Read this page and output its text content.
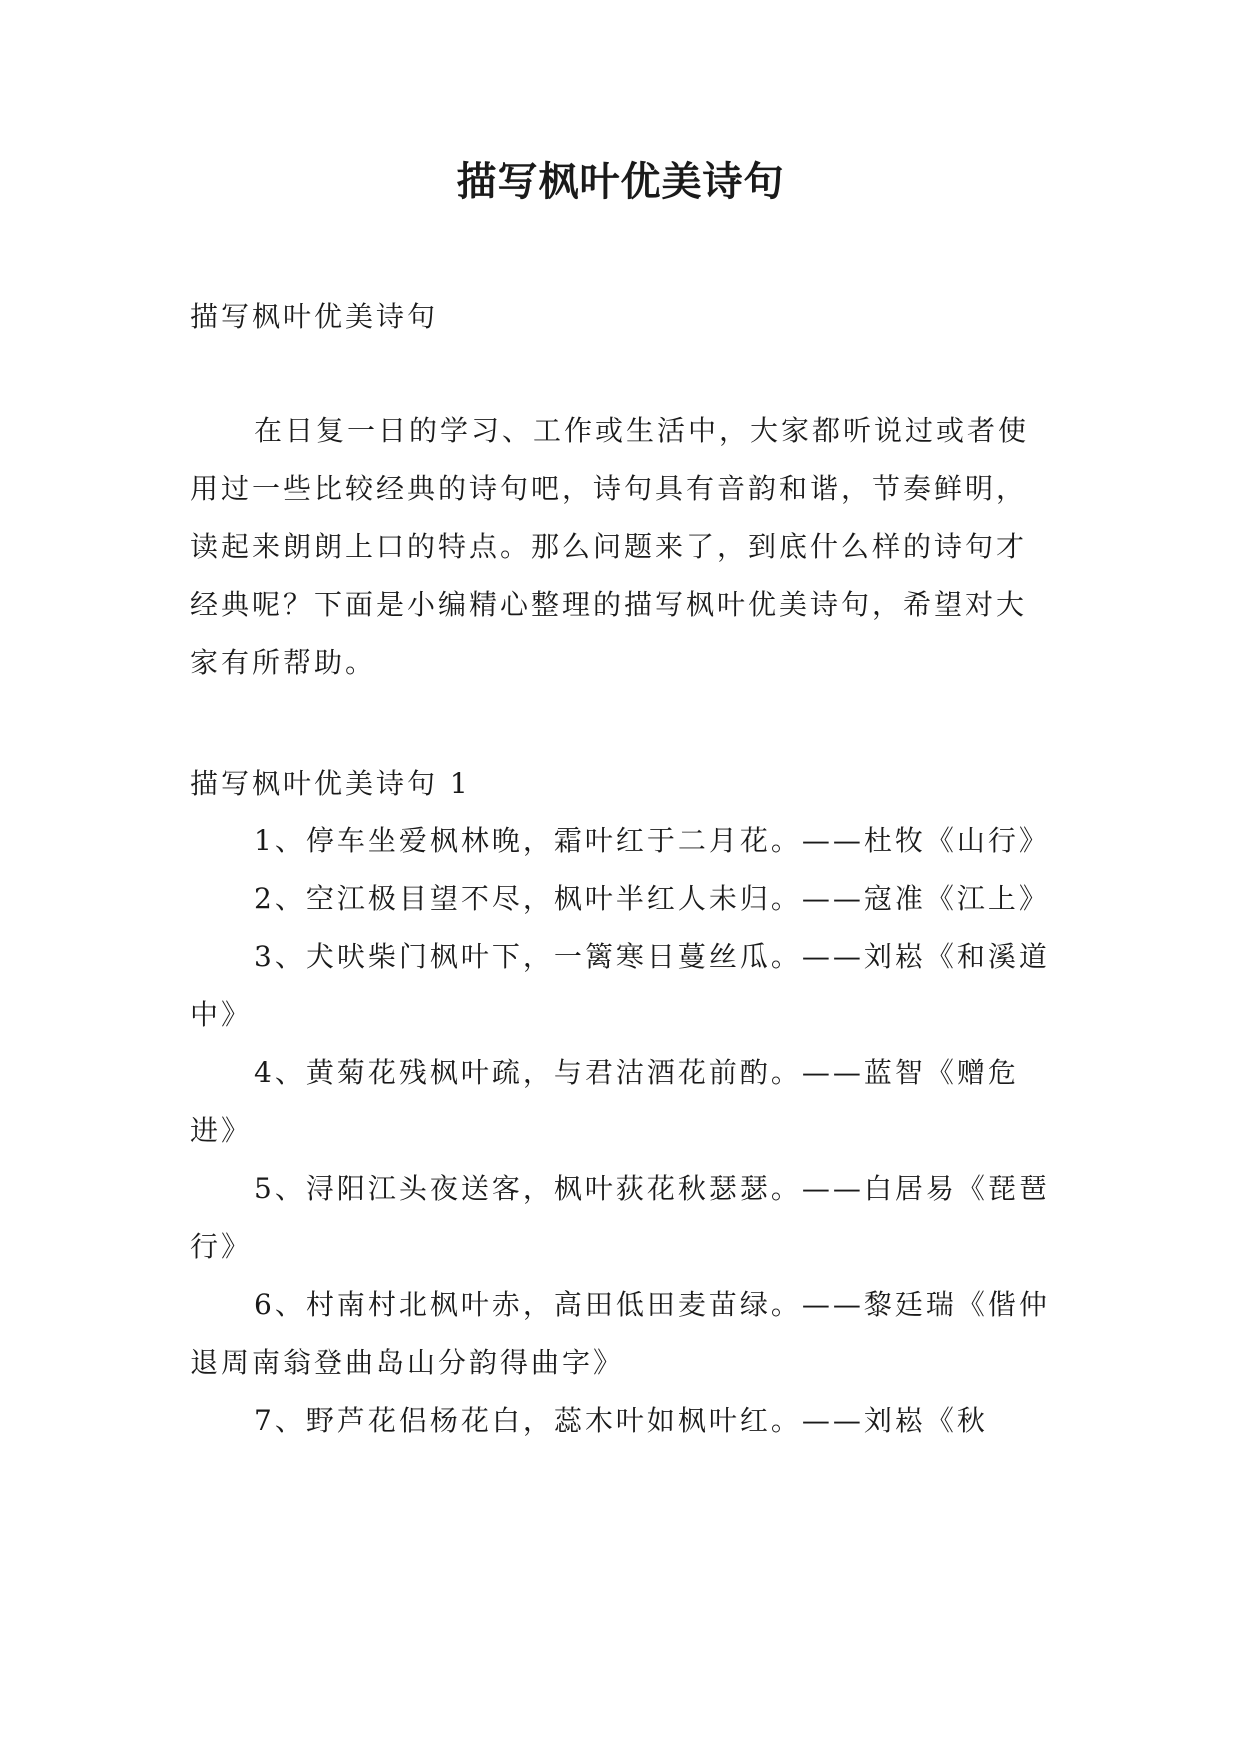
描写枫叶优美诗句
描写枫叶优美诗句
在日复一日的学习、工作或生活中，大家都听说过或者使用过一些比较经典的诗句吧，诗句具有音韵和谐，节奏鲜明，读起来朗朗上口的特点。那么问题来了，到底什么样的诗句才经典呢？下面是小编精心整理的描写枫叶优美诗句，希望对大家有所帮助。
描写枫叶优美诗句 1
1、停车坐爱枫林晚，霜叶红于二月花。——杜牧《山行》
2、空江极目望不尽，枫叶半红人未归。——寇准《江上》
3、犬吠柴门枫叶下，一篱寒日蔓丝瓜。——刘崧《和溪道中》
4、黄菊花残枫叶疏，与君沽酒花前酌。——蓝智《赠危进》
5、浔阳江头夜送客，枫叶荻花秋瑟瑟。——白居易《琵琶行》
6、村南村北枫叶赤，高田低田麦苗绿。——黎廷瑞《偕仲退周南翁登曲岛山分韵得曲字》
7、野芦花侣杨花白，蕊木叶如枫叶红。——刘崧《秋
